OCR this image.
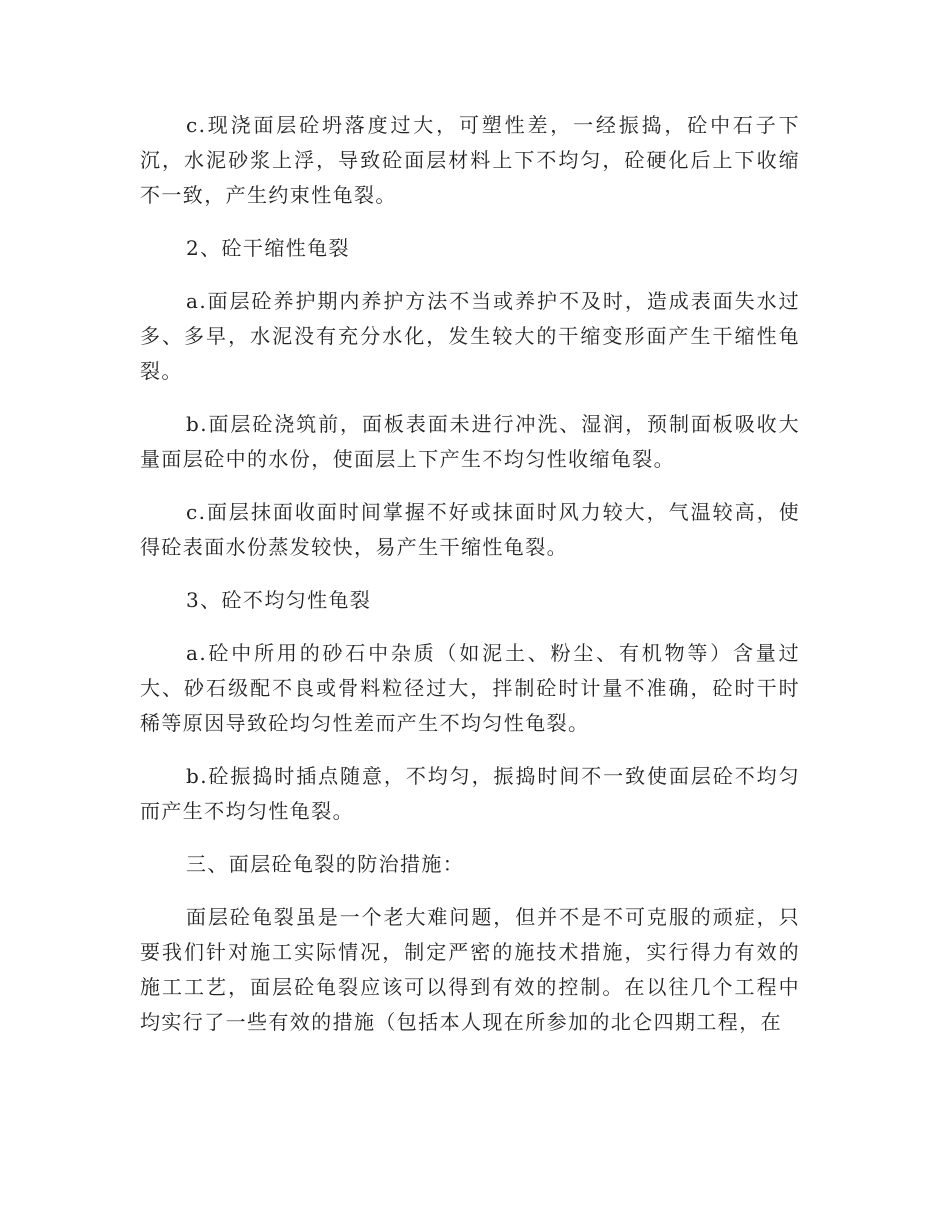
c.现浇面层砼坍落度过大，可塑性差，一经振捣，砼中石子下沉，水泥砂浆上浮，导致砼面层材料上下不均匀，砼硬化后上下收缩不一致，产生约束性龟裂。

2、砼干缩性龟裂

a.面层砼养护期内养护方法不当或养护不及时，造成表面失水过多、多早，水泥没有充分水化，发生较大的干缩变形面产生干缩性龟裂。

b.面层砼浇筑前，面板表面未进行冲洗、湿润，预制面板吸收大量面层砼中的水份，使面层上下产生不均匀性收缩龟裂。

c.面层抹面收面时间掌握不好或抹面时风力较大，气温较高，使得砼表面水份蒸发较快，易产生干缩性龟裂。

3、砼不均匀性龟裂

a.砼中所用的砂石中杂质（如泥土、粉尘、有机物等）含量过大、砂石级配不良或骨料粒径过大，拌制砼时计量不准确，砼时干时稀等原因导致砼均匀性差而产生不均匀性龟裂。

b.砼振捣时插点随意，不均匀，振捣时间不一致使面层砼不均匀而产生不均匀性龟裂。

三、面层砼龟裂的防治措施：

面层砼龟裂虽是一个老大难问题，但并不是不可克服的顽症，只要我们针对施工实际情况，制定严密的施技术措施，实行得力有效的施工工艺，面层砼龟裂应该可以得到有效的控制。在以往几个工程中均实行了一些有效的措施（包括本人现在所参加的北仑四期工程，在
